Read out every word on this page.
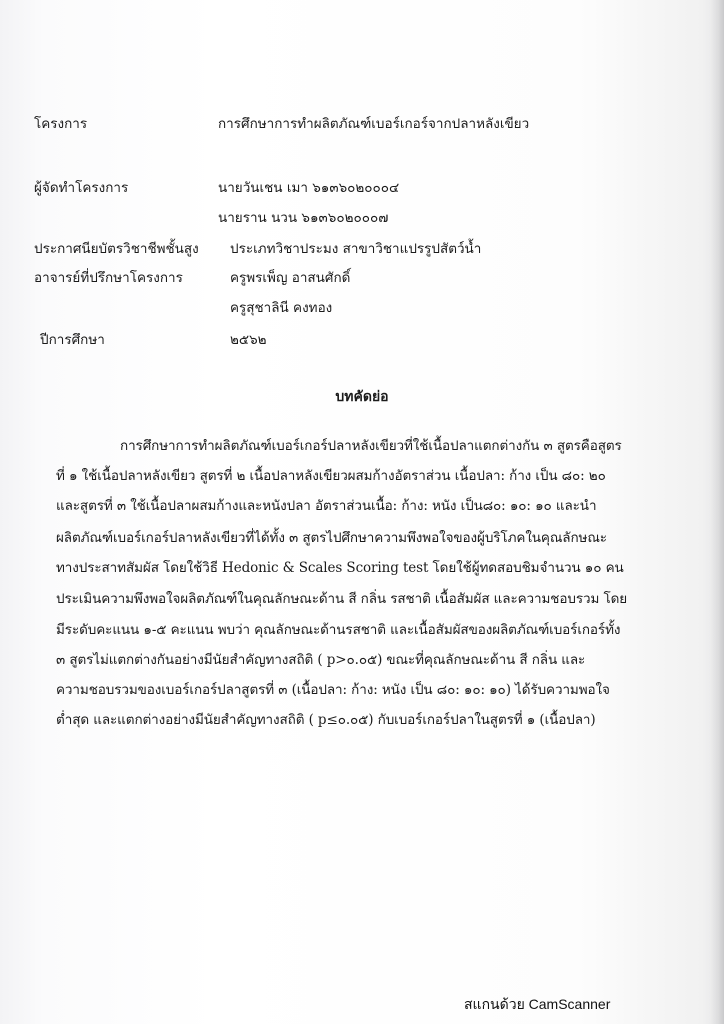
โครงการ	การศึกษาการทำผลิตภัณฑ์เบอร์เกอร์จากปลาหลังเขียว
ผู้จัดทำโครงการ	นายวันเชน เมา ๖๑๓๖๐๒๐๐๐๔
นายราน นวน ๖๑๓๖๐๒๐๐๐๗
ประกาศนียบัตรวิชาชีพชั้นสูง ประเภทวิชาประมง สาขาวิชาแปรรูปสัตว์น้ำ
อาจารย์ที่ปรึกษาโครงการ	ครูพรเพ็ญ อาสนศักดิ์
ครูสุชาลินี คงทอง
ปีการศึกษา	๒๕๖๒
บทคัดย่อ
การศึกษาการทำผลิตภัณฑ์เบอร์เกอร์ปลาหลังเขียวที่ใช้เนื้อปลาแตกต่างกัน ๓ สูตรคือสูตร
ที่ ๑ ใช้เนื้อปลาหลังเขียว สูตรที่ ๒ เนื้อปลาหลังเขียวผสมก้างอัตราส่วน เนื้อปลา: ก้าง เป็น ๘๐: ๒๐
และสูตรที่ ๓ ใช้เนื้อปลาผสมก้างและหนังปลา อัตราส่วนเนื้อ: ก้าง: หนัง เป็น๘๐: ๑๐: ๑๐ และนำ
ผลิตภัณฑ์เบอร์เกอร์ปลาหลังเขียวที่ได้ทั้ง ๓ สูตรไปศึกษาความพึงพอใจของผู้บริโภคในคุณลักษณะ
ทางประสาทสัมผัส โดยใช้วิธี Hedonic & Scales Scoring test โดยใช้ผู้ทดสอบชิมจำนวน ๑๐ คน
ประเมินความพึงพอใจผลิตภัณฑ์ในคุณลักษณะด้าน สี กลิ่น รสชาติ เนื้อสัมผัส และความชอบรวม โดย
มีระดับคะแนน ๑-๕ คะแนน พบว่า คุณลักษณะด้านรสชาติ และเนื้อสัมผัสของผลิตภัณฑ์เบอร์เกอร์ทั้ง
๓ สูตรไม่แตกต่างกันอย่างมีนัยสำคัญทางสถิติ ( p>๐.๐๕) ขณะที่คุณลักษณะด้าน สี กลิ่น และ
ความชอบรวมของเบอร์เกอร์ปลาสูตรที่ ๓ (เนื้อปลา: ก้าง: หนัง เป็น ๘๐: ๑๐: ๑๐) ได้รับความพอใจ
ต่ำสุด และแตกต่างอย่างมีนัยสำคัญทางสถิติ ( p≤๐.๐๕) กับเบอร์เกอร์ปลาในสูตรที่ ๑ (เนื้อปลา)
สแกนด้วย CamScanner
